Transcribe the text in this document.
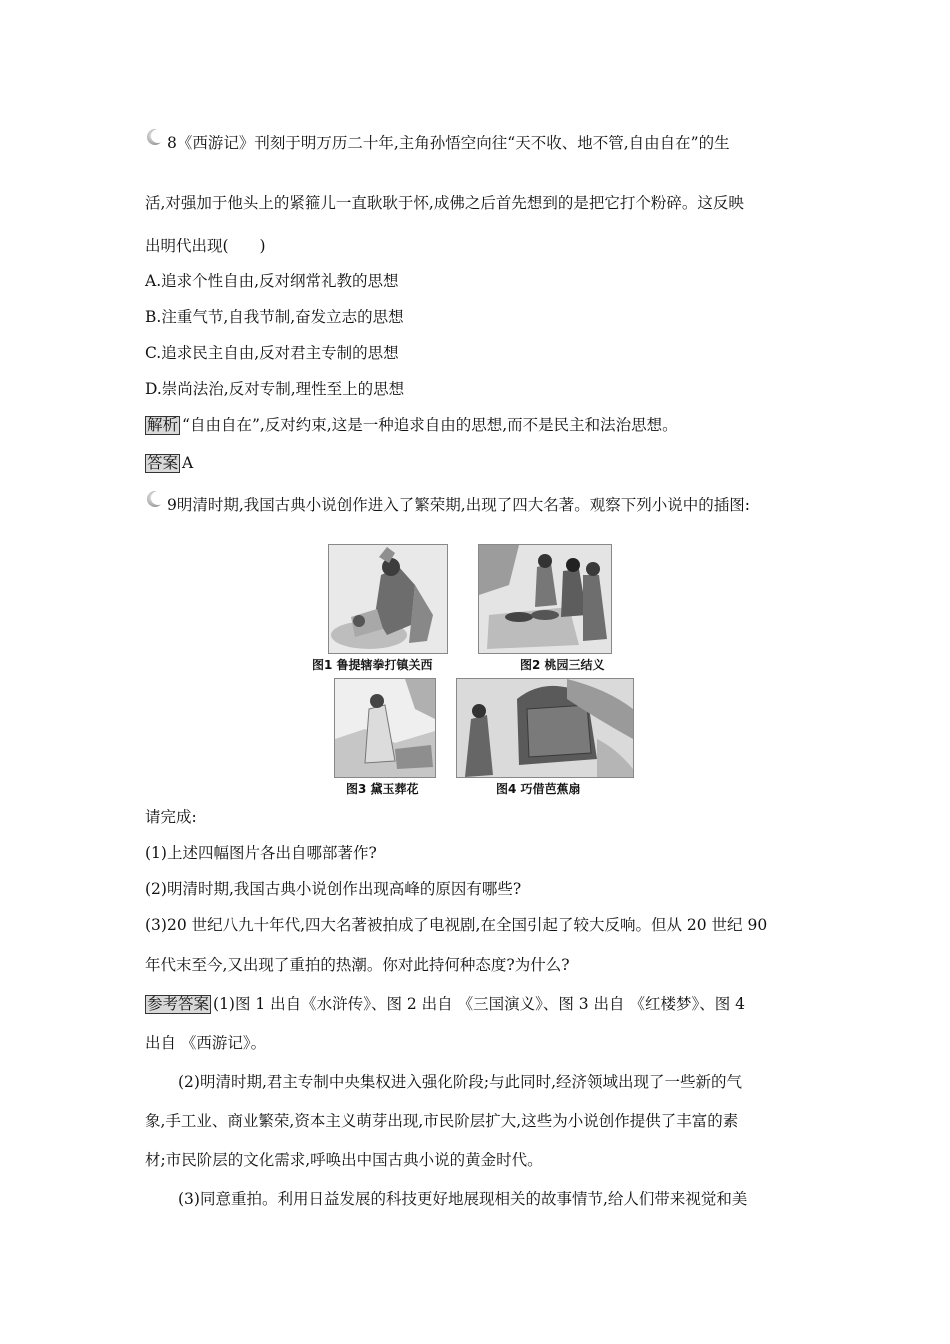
8《西游记》刊刻于明万历二十年,主角孙悟空向往“天不收、地不管,自由自在”的生
活,对强加于他头上的紧箍儿一直耿耿于怀,成佛之后首先想到的是把它打个粉碎。这反映
出明代出现(　　)
A.追求个性自由,反对纲常礼教的思想
B.注重气节,自我节制,奋发立志的思想
C.追求民主自由,反对君主专制的思想
D.崇尚法治,反对专制,理性至上的思想
解析 “自由自在”,反对约束,这是一种追求自由的思想,而不是民主和法治思想。
答案 A
9明清时期,我国古典小说创作进入了繁荣期,出现了四大名著。观察下列小说中的插图:
图1 鲁提辖拳打镇关西	图2 桃园三结义
图3 黛玉葬花	图4 巧借芭蕉扇
请完成:
(1)上述四幅图片各出自哪部著作?
(2)明清时期,我国古典小说创作出现高峰的原因有哪些?
(3)20 世纪八九十年代,四大名著被拍成了电视剧,在全国引起了较大反响。但从 20 世纪 90
年代末至今,又出现了重拍的热潮。你对此持何种态度?为什么?
参考答案 (1)图 1 出自《水浒传》、图 2 出自 《三国演义》、图 3 出自 《红楼梦》、图 4
出自 《西游记》。
(2)明清时期,君主专制中央集权进入强化阶段;与此同时,经济领域出现了一些新的气
象,手工业、商业繁荣,资本主义萌芽出现,市民阶层扩大,这些为小说创作提供了丰富的素
材;市民阶层的文化需求,呼唤出中国古典小说的黄金时代。
(3)同意重拍。利用日益发展的科技更好地展现相关的故事情节,给人们带来视觉和美
